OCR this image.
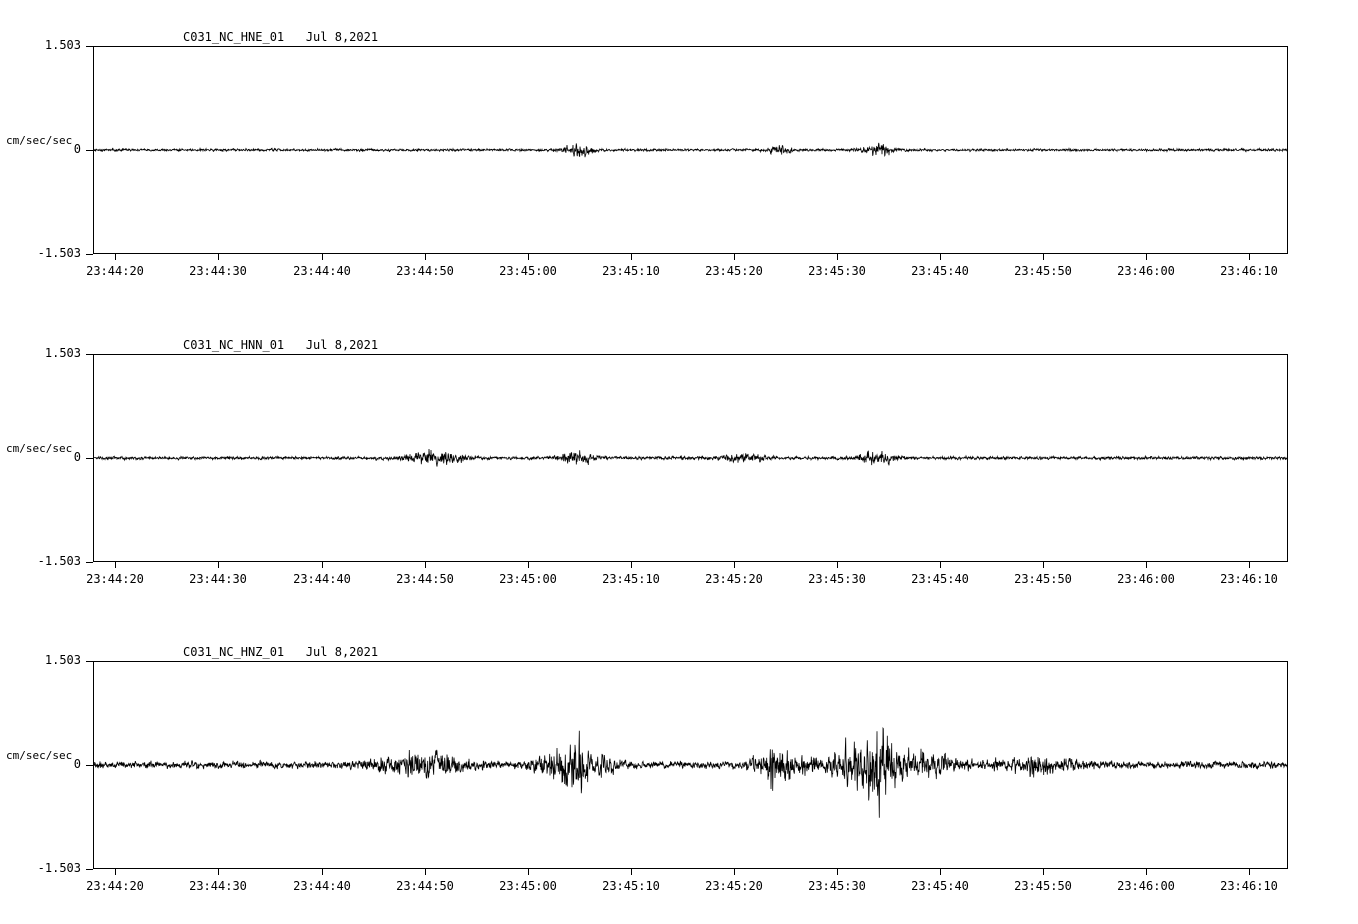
C031_NC_HNE_01   Jul 8,2021
cm/sec/sec
1.503
0
-1.503
23:44:20	23:44:30	23:44:40	23:44:50	23:45:00	23:45:10	23:45:20	23:45:30	23:45:40	23:45:50	23:46:00	23:46:10
C031_NC_HNN_01   Jul 8,2021
cm/sec/sec
1.503
0
-1.503
23:44:20	23:44:30	23:44:40	23:44:50	23:45:00	23:45:10	23:45:20	23:45:30	23:45:40	23:45:50	23:46:00	23:46:10
C031_NC_HNZ_01   Jul 8,2021
cm/sec/sec
1.503
0
-1.503
23:44:20	23:44:30	23:44:40	23:44:50	23:45:00	23:45:10	23:45:20	23:45:30	23:45:40	23:45:50	23:46:00	23:46:10
